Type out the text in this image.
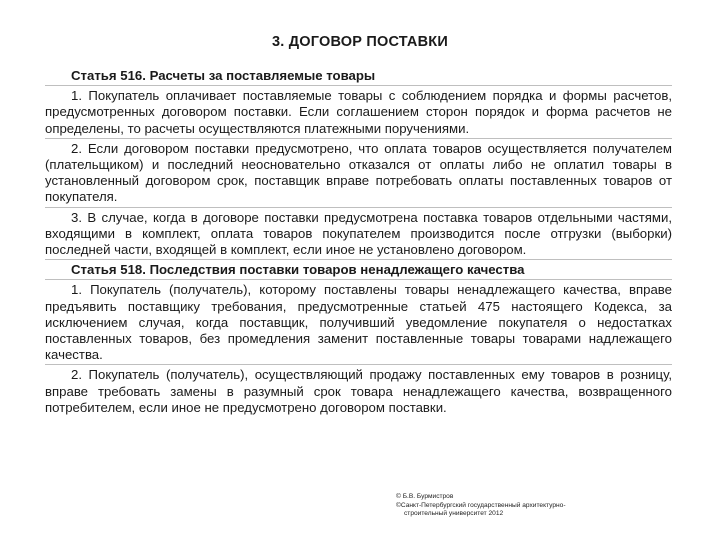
3. ДОГОВОР ПОСТАВКИ

Статья 516. Расчеты за поставляемые товары

1. Покупатель оплачивает поставляемые товары с соблюдением порядка и формы расчетов, предусмотренных договором поставки. Если соглашением сторон порядок и форма расчетов не определены, то расчеты осуществляются платежными поручениями.

2. Если договором поставки предусмотрено, что оплата товаров осуществляется получателем (плательщиком) и последний неосновательно отказался от оплаты либо не оплатил товары в установленный договором срок, поставщик вправе потребовать оплаты поставленных товаров от покупателя.

3. В случае, когда в договоре поставки предусмотрена поставка товаров отдельными частями, входящими в комплект, оплата товаров покупателем производится после отгрузки (выборки) последней части, входящей в комплект, если иное не установлено договором.

Статья 518. Последствия поставки товаров ненадлежащего качества

1. Покупатель (получатель), которому поставлены товары ненадлежащего качества, вправе предъявить поставщику требования, предусмотренные статьей 475 настоящего Кодекса, за исключением случая, когда поставщик, получивший уведомление покупателя о недостатках поставленных товаров, без промедления заменит поставленные товары товарами надлежащего качества.

2. Покупатель (получатель), осуществляющий продажу поставленных ему товаров в розницу, вправе требовать замены в разумный срок товара ненадлежащего качества, возвращенного потребителем, если иное не предусмотрено договором поставки.

© Б.В. Бурмистров
©Санкт-Петербургский государственный архитектурно-
строительный университет 2012
